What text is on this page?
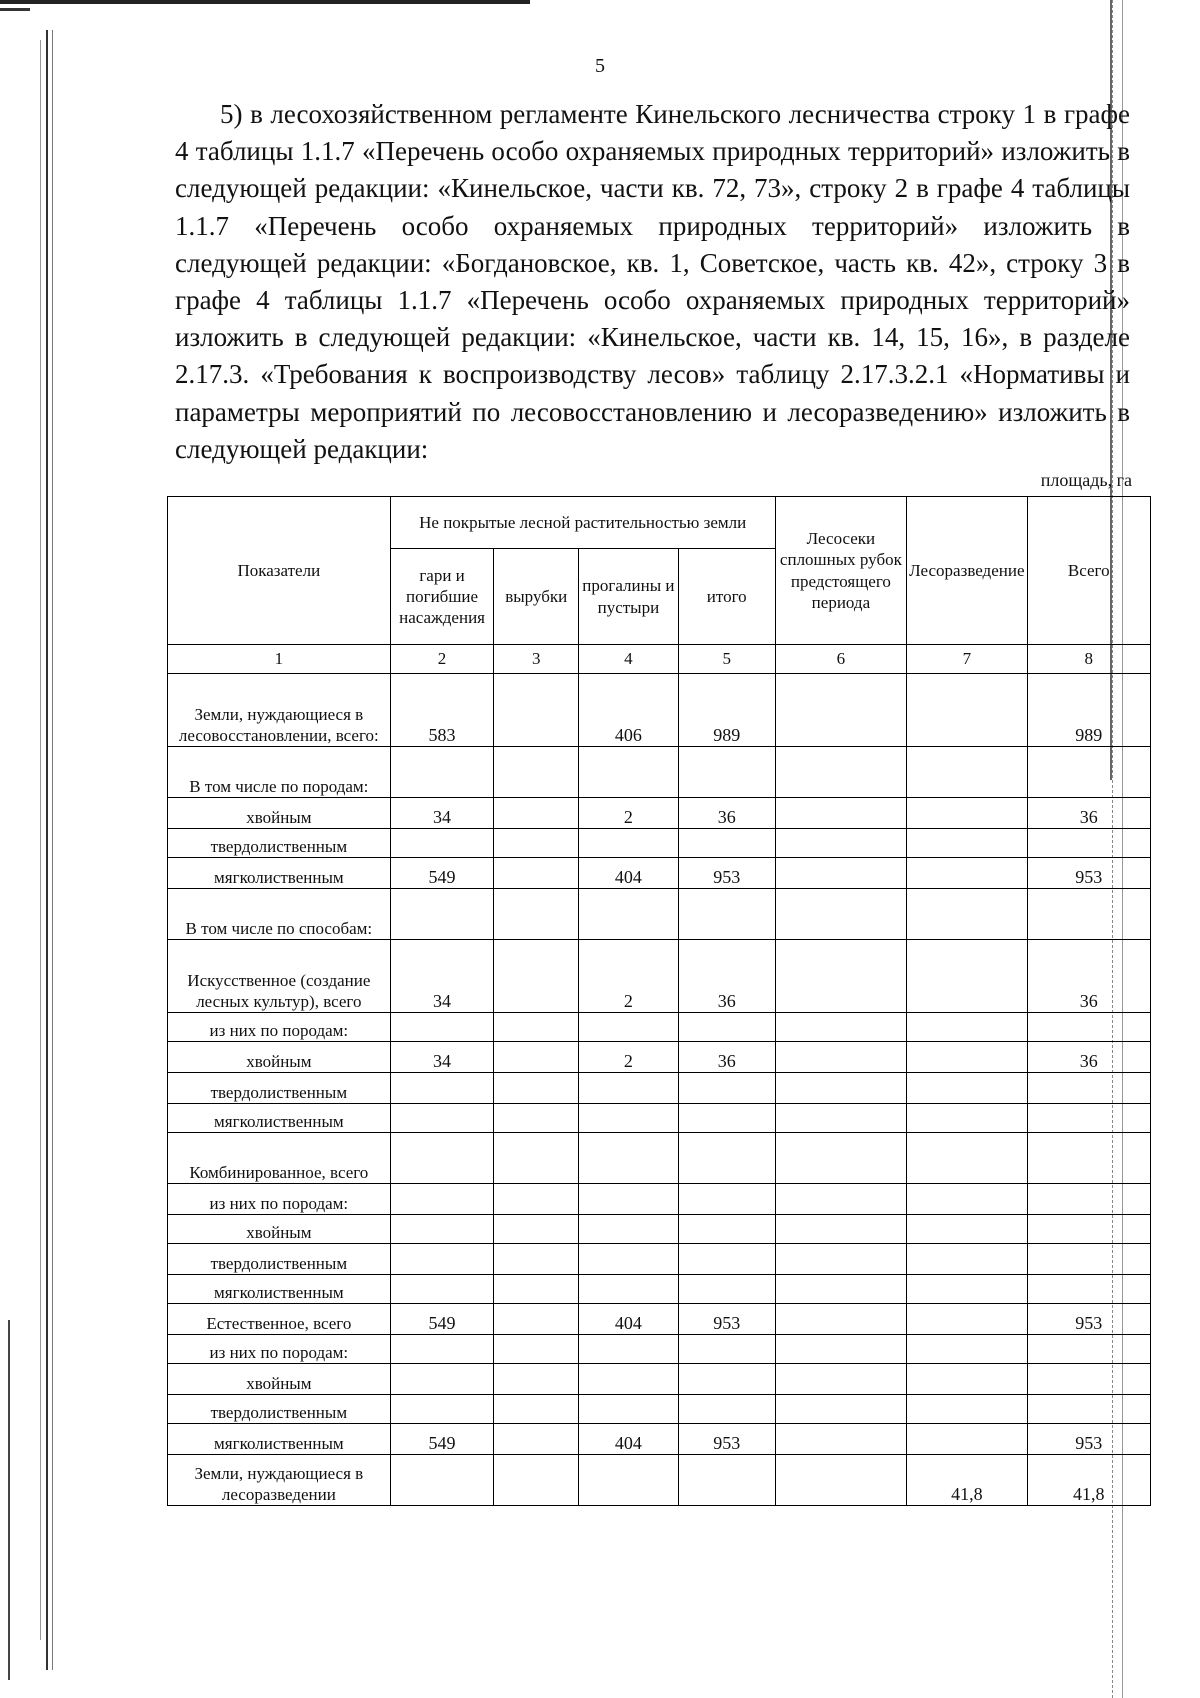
5
5) в лесохозяйственном регламенте Кинельского лесничества строку 1 в графе 4 таблицы 1.1.7 «Перечень особо охраняемых природных территорий» изложить в следующей редакции: «Кинельское, части кв. 72, 73», строку 2 в графе 4 таблицы 1.1.7 «Перечень особо охраняемых природных территорий» изложить в следующей редакции: «Богдановское, кв. 1, Советское, часть кв. 42», строку 3 в графе 4 таблицы 1.1.7 «Перечень особо охраняемых природных территорий» изложить в следующей редакции: «Кинельское, части кв. 14, 15, 16», в разделе 2.17.3. «Требования к воспроизводству лесов» таблицу 2.17.3.2.1 «Нормативы и параметры мероприятий по лесовосстановлению и лесоразведению» изложить в следующей редакции:
площадь, га
Показатели	Не покрытые лесной растительностью земли				Лесосеки сплошных рубок предстоящего периода	Лесоразведение	Всего
	гари и погибшие насаждения	вырубки	прогалины и пустыри	итого			
1	2	3	4	5	6	7	8
Земли, нуждающиеся в лесовосстановлении, всего:	583		406	989			989
В том числе по породам:							
хвойным	34		2	36			36
твердолиственным							
мягколиственным	549		404	953			953
В том числе по способам:							
Искусственное (создание лесных культур), всего	34		2	36			36
из них по породам:							
хвойным	34		2	36			36
твердолиственным							
мягколиственным							
Комбинированное, всего							
из них по породам:							
хвойным							
твердолиственным							
мягколиственным							
Естественное, всего	549		404	953			953
из них по породам:							
хвойным							
твердолиственным							
мягколиственным	549		404	953			953
Земли, нуждающиеся в лесоразведении						41,8	41,8
